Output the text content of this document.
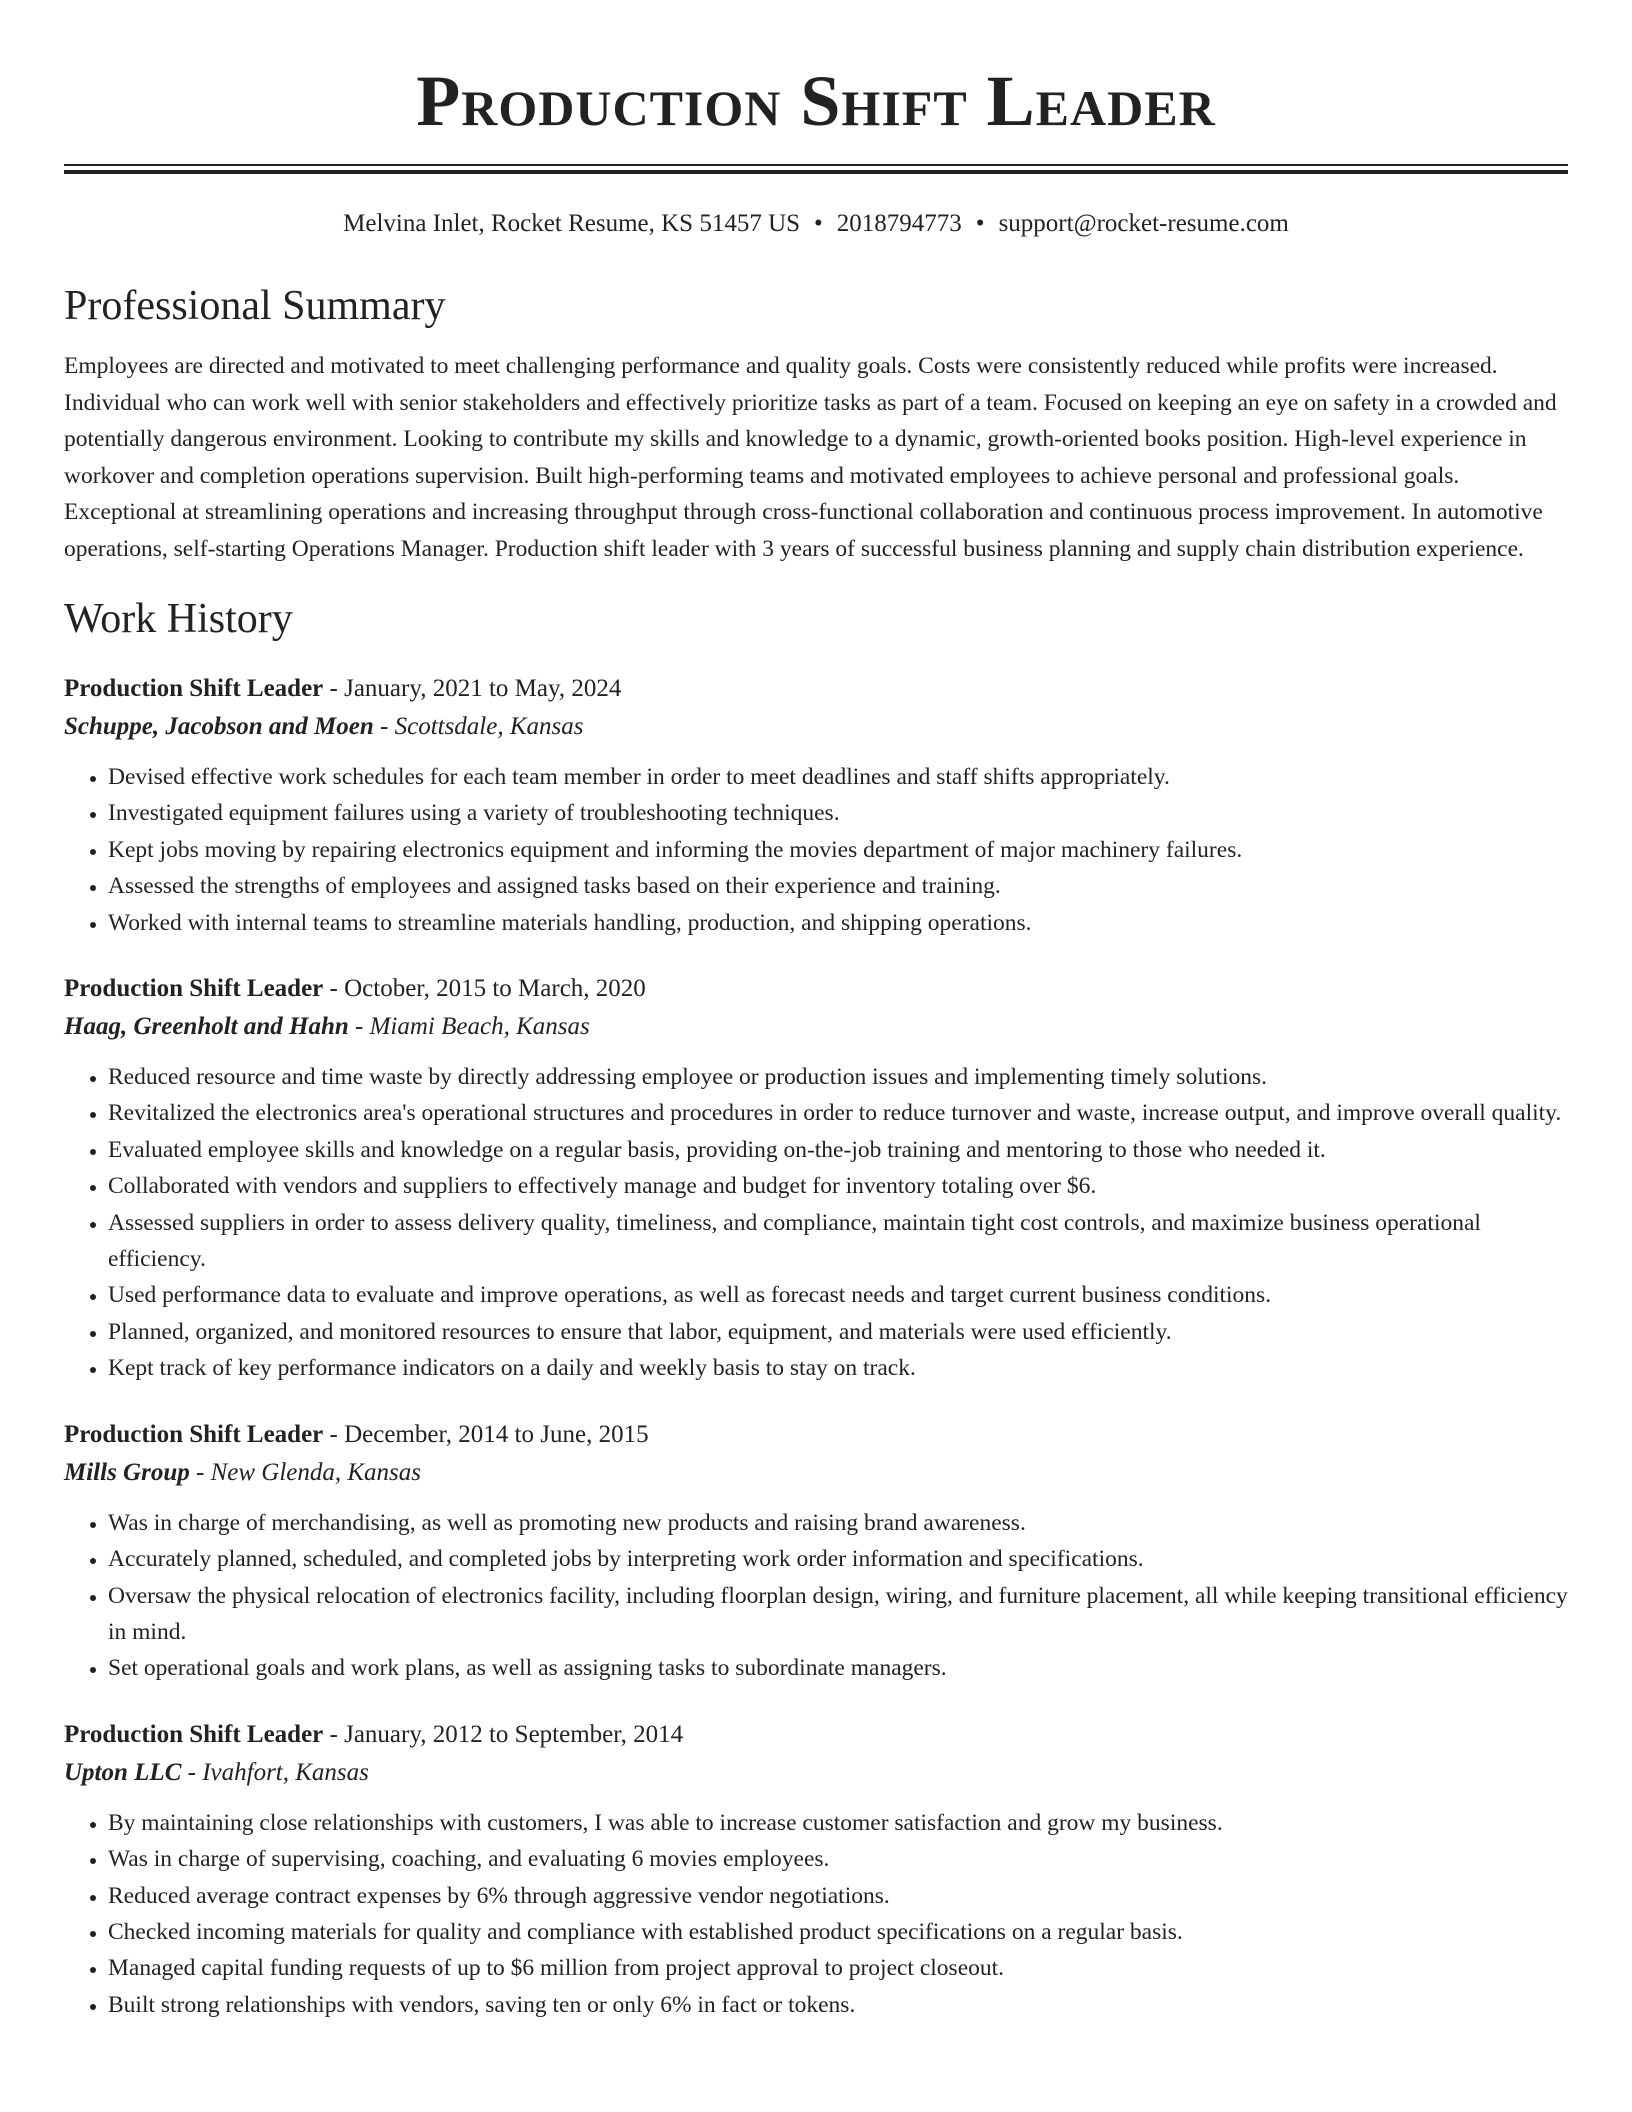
Production Shift Leader
Melvina Inlet, Rocket Resume, KS 51457 US • 2018794773 • support@rocket-resume.com
Professional Summary

Employees are directed and motivated to meet challenging performance and quality goals. Costs were consistently reduced while profits were increased. Individual who can work well with senior stakeholders and effectively prioritize tasks as part of a team. Focused on keeping an eye on safety in a crowded and potentially dangerous environment. Looking to contribute my skills and knowledge to a dynamic, growth-oriented books position. High-level experience in workover and completion operations supervision. Built high-performing teams and motivated employees to achieve personal and professional goals. Exceptional at streamlining operations and increasing throughput through cross-functional collaboration and continuous process improvement. In automotive operations, self-starting Operations Manager. Production shift leader with 3 years of successful business planning and supply chain distribution experience.

Work History
Production Shift Leader - January, 2021 to May, 2024
Schuppe, Jacobson and Moen - Scottsdale, Kansas
• Devised effective work schedules for each team member in order to meet deadlines and staff shifts appropriately.
• Investigated equipment failures using a variety of troubleshooting techniques.
• Kept jobs moving by repairing electronics equipment and informing the movies department of major machinery failures.
• Assessed the strengths of employees and assigned tasks based on their experience and training.
• Worked with internal teams to streamline materials handling, production, and shipping operations.
Production Shift Leader - October, 2015 to March, 2020
Haag, Greenholt and Hahn - Miami Beach, Kansas
• Reduced resource and time waste by directly addressing employee or production issues and implementing timely solutions.
• Revitalized the electronics area's operational structures and procedures in order to reduce turnover and waste, increase output, and improve overall quality.
• Evaluated employee skills and knowledge on a regular basis, providing on-the-job training and mentoring to those who needed it.
• Collaborated with vendors and suppliers to effectively manage and budget for inventory totaling over $6.
• Assessed suppliers in order to assess delivery quality, timeliness, and compliance, maintain tight cost controls, and maximize business operational efficiency.
• Used performance data to evaluate and improve operations, as well as forecast needs and target current business conditions.
• Planned, organized, and monitored resources to ensure that labor, equipment, and materials were used efficiently.
• Kept track of key performance indicators on a daily and weekly basis to stay on track.
Production Shift Leader - December, 2014 to June, 2015
Mills Group - New Glenda, Kansas
• Was in charge of merchandising, as well as promoting new products and raising brand awareness.
• Accurately planned, scheduled, and completed jobs by interpreting work order information and specifications.
• Oversaw the physical relocation of electronics facility, including floorplan design, wiring, and furniture placement, all while keeping transitional efficiency in mind.
• Set operational goals and work plans, as well as assigning tasks to subordinate managers.
Production Shift Leader - January, 2012 to September, 2014
Upton LLC - Ivahfort, Kansas
• By maintaining close relationships with customers, I was able to increase customer satisfaction and grow my business.
• Was in charge of supervising, coaching, and evaluating 6 movies employees.
• Reduced average contract expenses by 6% through aggressive vendor negotiations.
• Checked incoming materials for quality and compliance with established product specifications on a regular basis.
• Managed capital funding requests of up to $6 million from project approval to project closeout.
• Built strong relationships with vendors, saving ten or only 6% in fact or tokens.
